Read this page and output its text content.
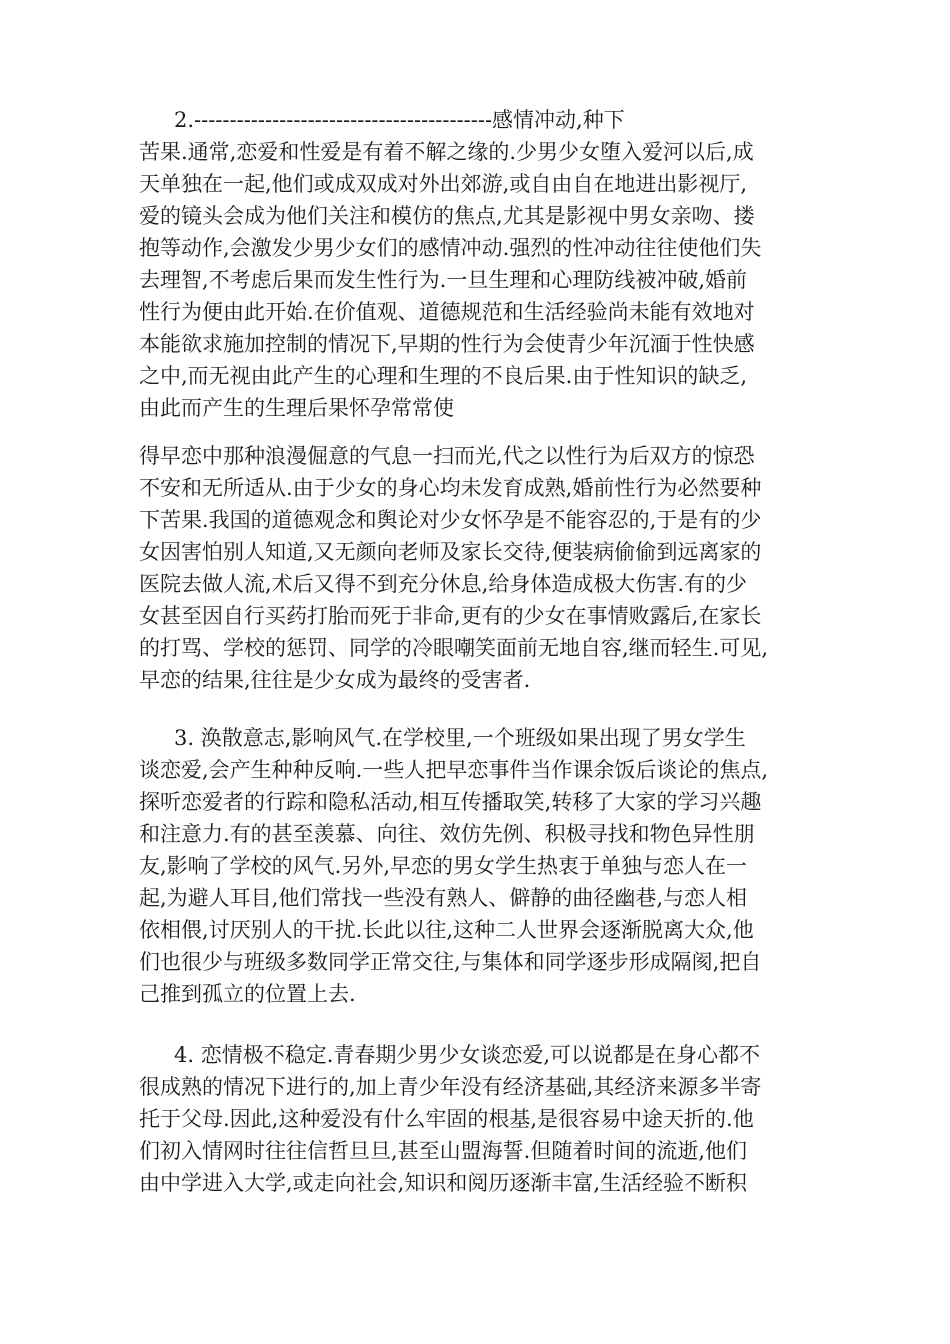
2.------------------------------------------感情冲动,种下
苦果.通常,恋爱和性爱是有着不解之缘的.少男少女堕入爱河以后,成
天单独在一起,他们或成双成对外出郊游,或自由自在地进出影视厅,
爱的镜头会成为他们关注和模仿的焦点,尤其是影视中男女亲吻、搂
抱等动作,会激发少男少女们的感情冲动.强烈的性冲动往往使他们失
去理智,不考虑后果而发生性行为.一旦生理和心理防线被冲破,婚前
性行为便由此开始.在价值观、道德规范和生活经验尚未能有效地对
本能欲求施加控制的情况下,早期的性行为会使青少年沉湎于性快感
之中,而无视由此产生的心理和生理的不良后果.由于性知识的缺乏,
由此而产生的生理后果怀孕常常使
得早恋中那种浪漫倔意的气息一扫而光,代之以性行为后双方的惊恐
不安和无所适从.由于少女的身心均未发育成熟,婚前性行为必然要种
下苦果.我国的道德观念和舆论对少女怀孕是不能容忍的,于是有的少
女因害怕别人知道,又无颜向老师及家长交待,便装病偷偷到远离家的
医院去做人流,术后又得不到充分休息,给身体造成极大伤害.有的少
女甚至因自行买药打胎而死于非命,更有的少女在事情败露后,在家长
的打骂、学校的惩罚、同学的冷眼嘲笑面前无地自容,继而轻生.可见,
早恋的结果,往往是少女成为最终的受害者.
3. 涣散意志,影响风气.在学校里,一个班级如果出现了男女学生
谈恋爱,会产生种种反响.一些人把早恋事件当作课余饭后谈论的焦点,
探听恋爱者的行踪和隐私活动,相互传播取笑,转移了大家的学习兴趣
和注意力.有的甚至羡慕、向往、效仿先例、积极寻找和物色异性朋
友,影响了学校的风气.另外,早恋的男女学生热衷于单独与恋人在一
起,为避人耳目,他们常找一些没有熟人、僻静的曲径幽巷,与恋人相
依相偎,讨厌别人的干扰.长此以往,这种二人世界会逐渐脱离大众,他
们也很少与班级多数同学正常交往,与集体和同学逐步形成隔阂,把自
己推到孤立的位置上去.
4. 恋情极不稳定.青春期少男少女谈恋爱,可以说都是在身心都不
很成熟的情况下进行的,加上青少年没有经济基础,其经济来源多半寄
托于父母.因此,这种爱没有什么牢固的根基,是很容易中途天折的.他
们初入情网时往往信哲旦旦,甚至山盟海誓.但随着时间的流逝,他们
由中学进入大学,或走向社会,知识和阅历逐渐丰富,生活经验不断积
